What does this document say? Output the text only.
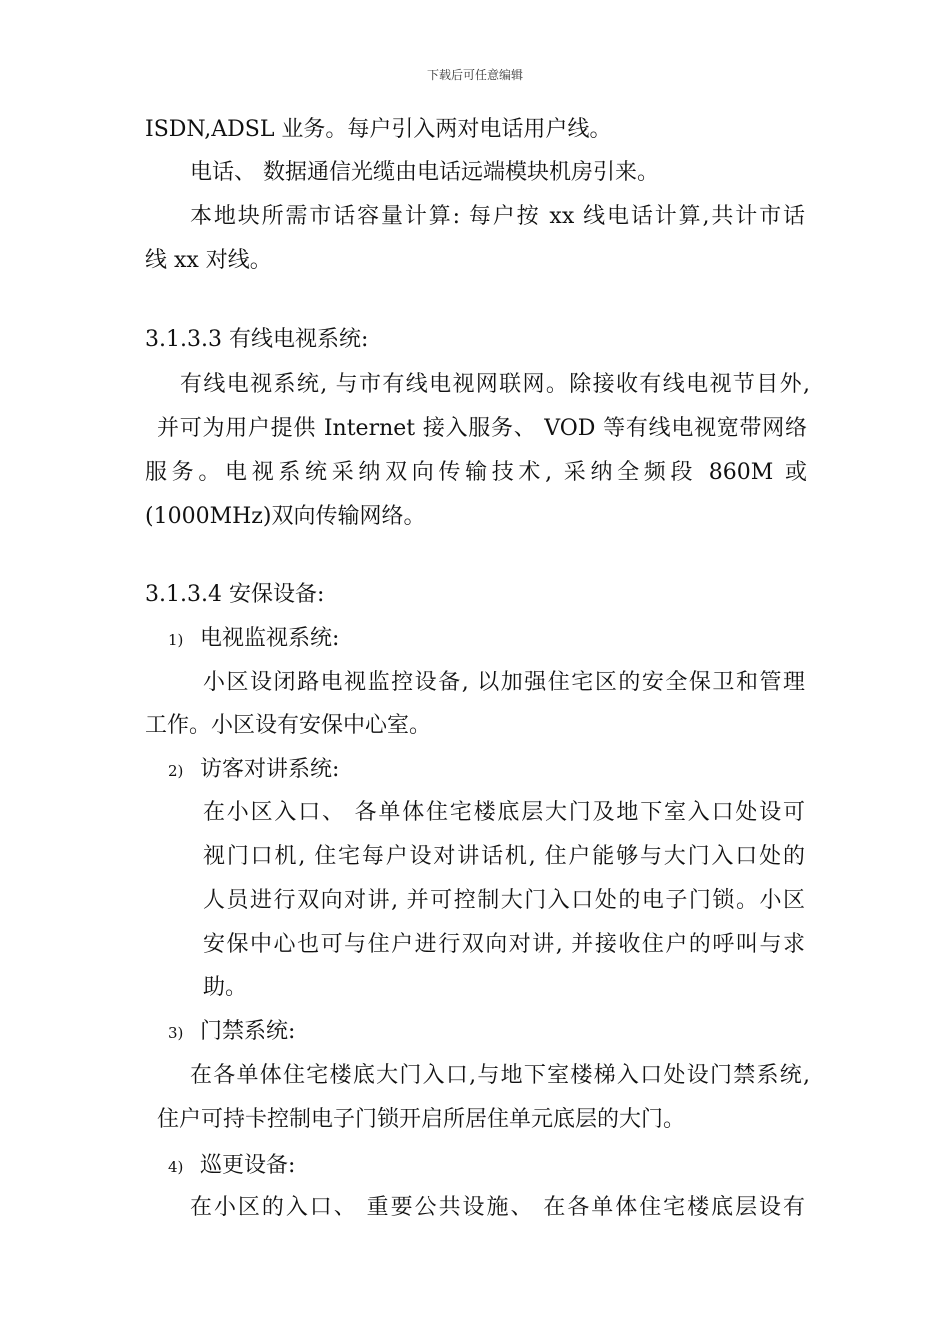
下载后可任意编辑
ISDN,ADSL 业务。每户引入两对电话用户线。
电话、 数据通信光缆由电话远端模块机房引来。
本地块所需市话容量计算: 每户按 xx 线电话计算,共计市话
线 xx 对线。
3.1.3.3 有线电视系统:
有线电视系统, 与市有线电视网联网。除接收有线电视节目外,
并可为用户提供 Internet 接入服务、 VOD 等有线电视宽带网络
服务。电视系统采纳双向传输技术, 采纳全频段 860M 或
(1000MHz)双向传输网络。
3.1.3.4 安保设备:
1) 电视监视系统:
小区设闭路电视监控设备, 以加强住宅区的安全保卫和管理
工作。小区设有安保中心室。
2) 访客对讲系统:
在小区入口、 各单体住宅楼底层大门及地下室入口处设可
视门口机, 住宅每户设对讲话机, 住户能够与大门入口处的
人员进行双向对讲, 并可控制大门入口处的电子门锁。小区
安保中心也可与住户进行双向对讲, 并接收住户的呼叫与求
助。
3) 门禁系统:
在各单体住宅楼底大门入口,与地下室楼梯入口处设门禁系统,
住户可持卡控制电子门锁开启所居住单元底层的大门。
4) 巡更设备:
在小区的入口、 重要公共设施、 在各单体住宅楼底层设有
